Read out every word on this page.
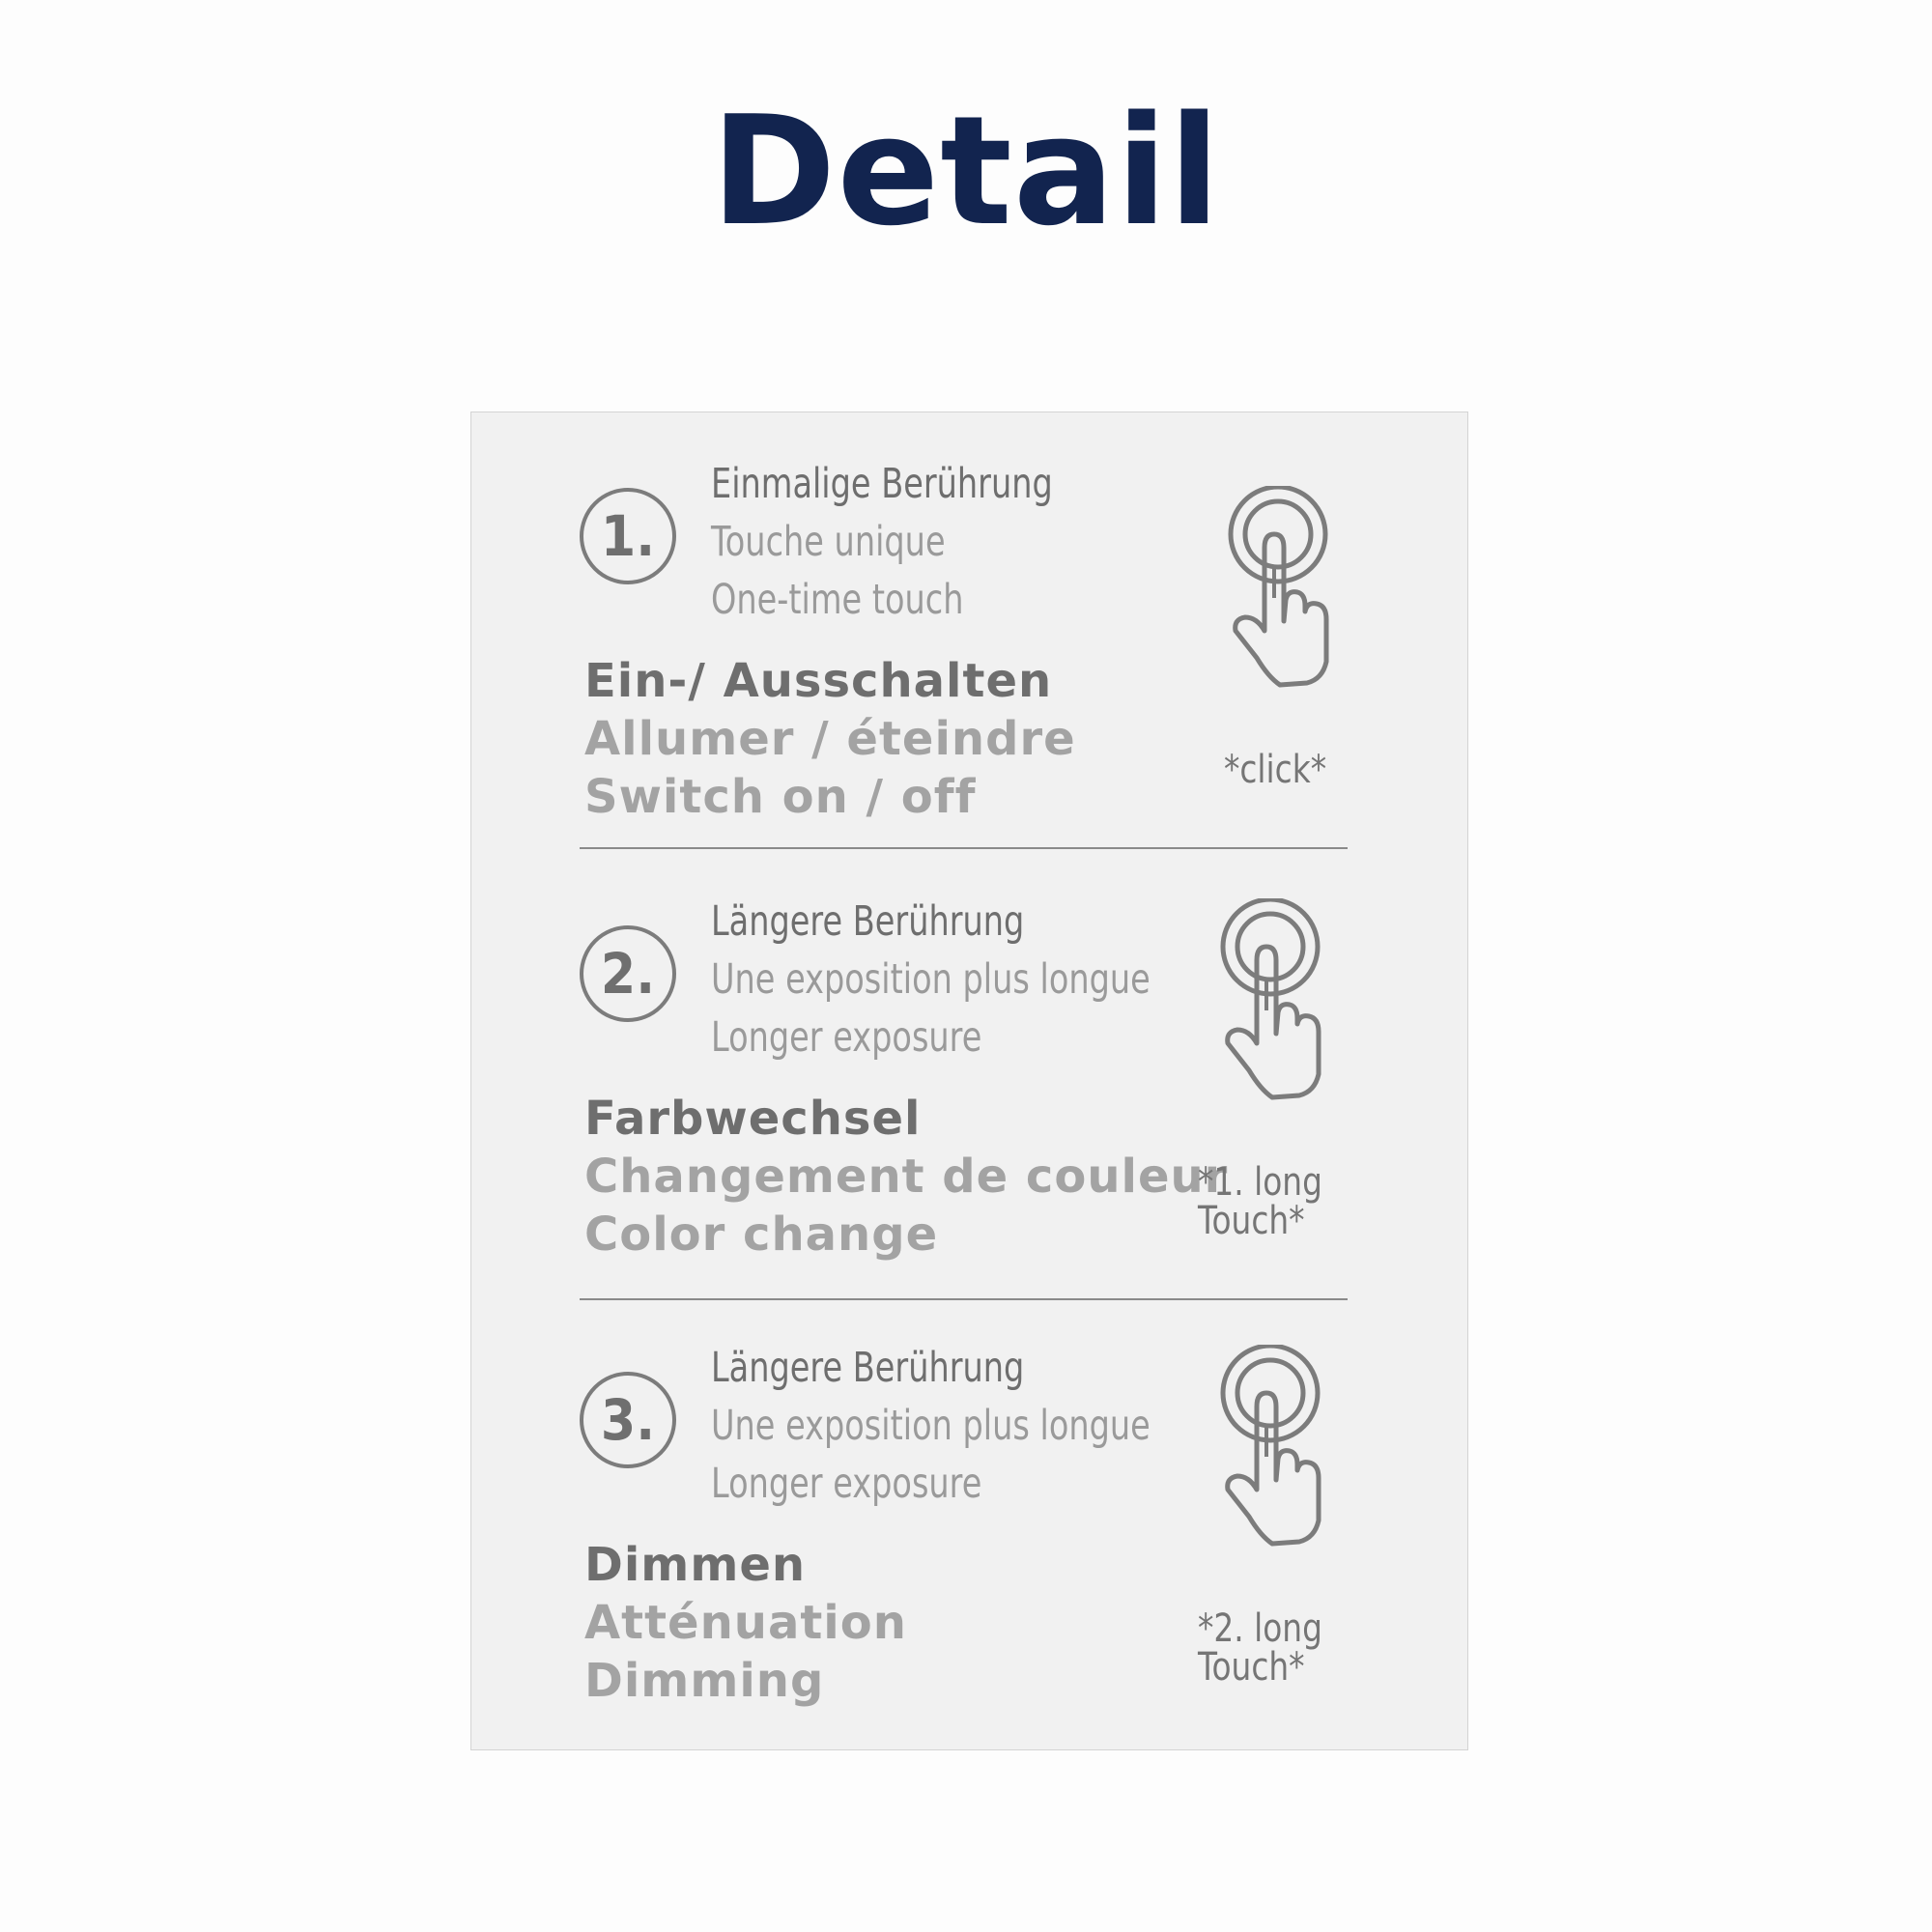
Detail
1.
Einmalige Berührung
Touche unique
One-time touch
Ein-/ Ausschalten
Allumer / éteindre
Switch on / off	*click*
2.
Längere Berührung
Une exposition plus longue
Longer exposure
Farbwechsel
Changement de couleur
Color change
*1. long
Touch*
3.
Längere Berührung
Une exposition plus longue
Longer exposure
Dimmen
Atténuation
Dimming
*2. long
Touch*
